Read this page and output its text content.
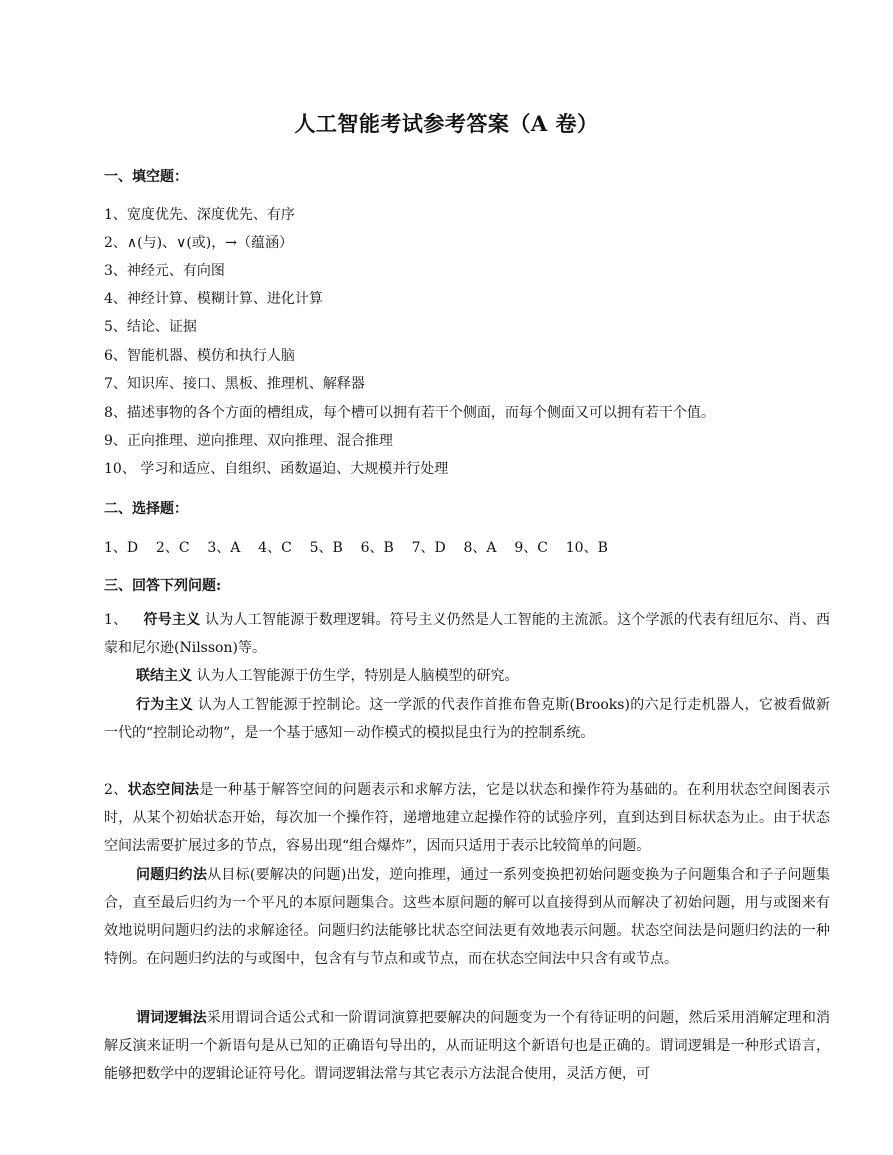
人工智能考试参考答案（A 卷）
一、填空题：
1、宽度优先、深度优先、有序
2、∧(与)、∨(或)，→（蕴涵）
3、神经元、有向图
4、神经计算、模糊计算、进化计算
5、结论、证据
6、智能机器、模仿和执行人脑
7、知识库、接口、黑板、推理机、解释器
8、描述事物的各个方面的槽组成，每个槽可以拥有若干个侧面，而每个侧面又可以拥有若干个值。
9、正向推理、逆向推理、双向推理、混合推理
10、 学习和适应、自组织、函数逼迫、大规模并行处理
二、选择题：
1、D    2、C    3、A    4、C    5、B    6、B    7、D    8、A    9、C    10、B
三、回答下列问题:
1、 符号主义 认为人工智能源于数理逻辑。符号主义仍然是人工智能的主流派。这个学派的代表有纽厄尔、肖、西蒙和尼尔逊(Nilsson)等。
联结主义 认为人工智能源于仿生学，特别是人脑模型的研究。
行为主义 认为人工智能源于控制论。这一学派的代表作首推布鲁克斯(Brooks)的六足行走机器人，它被看做新一代的“控制论动物”，是一个基于感知－动作模式的模拟昆虫行为的控制系统。
2、状态空间法是一种基于解答空间的问题表示和求解方法，它是以状态和操作符为基础的。在利用状态空间图表示时，从某个初始状态开始，每次加一个操作符，递增地建立起操作符的试验序列，直到达到目标状态为止。由于状态空间法需要扩展过多的节点，容易出现“组合爆炸”，因而只适用于表示比较简单的问题。
问题归约法从目标(要解决的问题)出发，逆向推理，通过一系列变换把初始问题变换为子问题集合和子子问题集合，直至最后归约为一个平凡的本原问题集合。这些本原问题的解可以直接得到从而解决了初始问题，用与或图来有效地说明问题归约法的求解途径。问题归约法能够比状态空间法更有效地表示问题。状态空间法是问题归约法的一种特例。在问题归约法的与或图中，包含有与节点和或节点，而在状态空间法中只含有或节点。
谓词逻辑法采用谓词合适公式和一阶谓词演算把要解决的问题变为一个有待证明的问题，然后采用消解定理和消解反演来证明一个新语句是从已知的正确语句导出的，从而证明这个新语句也是正确的。谓词逻辑是一种形式语言，能够把数学中的逻辑论证符号化。谓词逻辑法常与其它表示方法混合使用，灵活方便，可
